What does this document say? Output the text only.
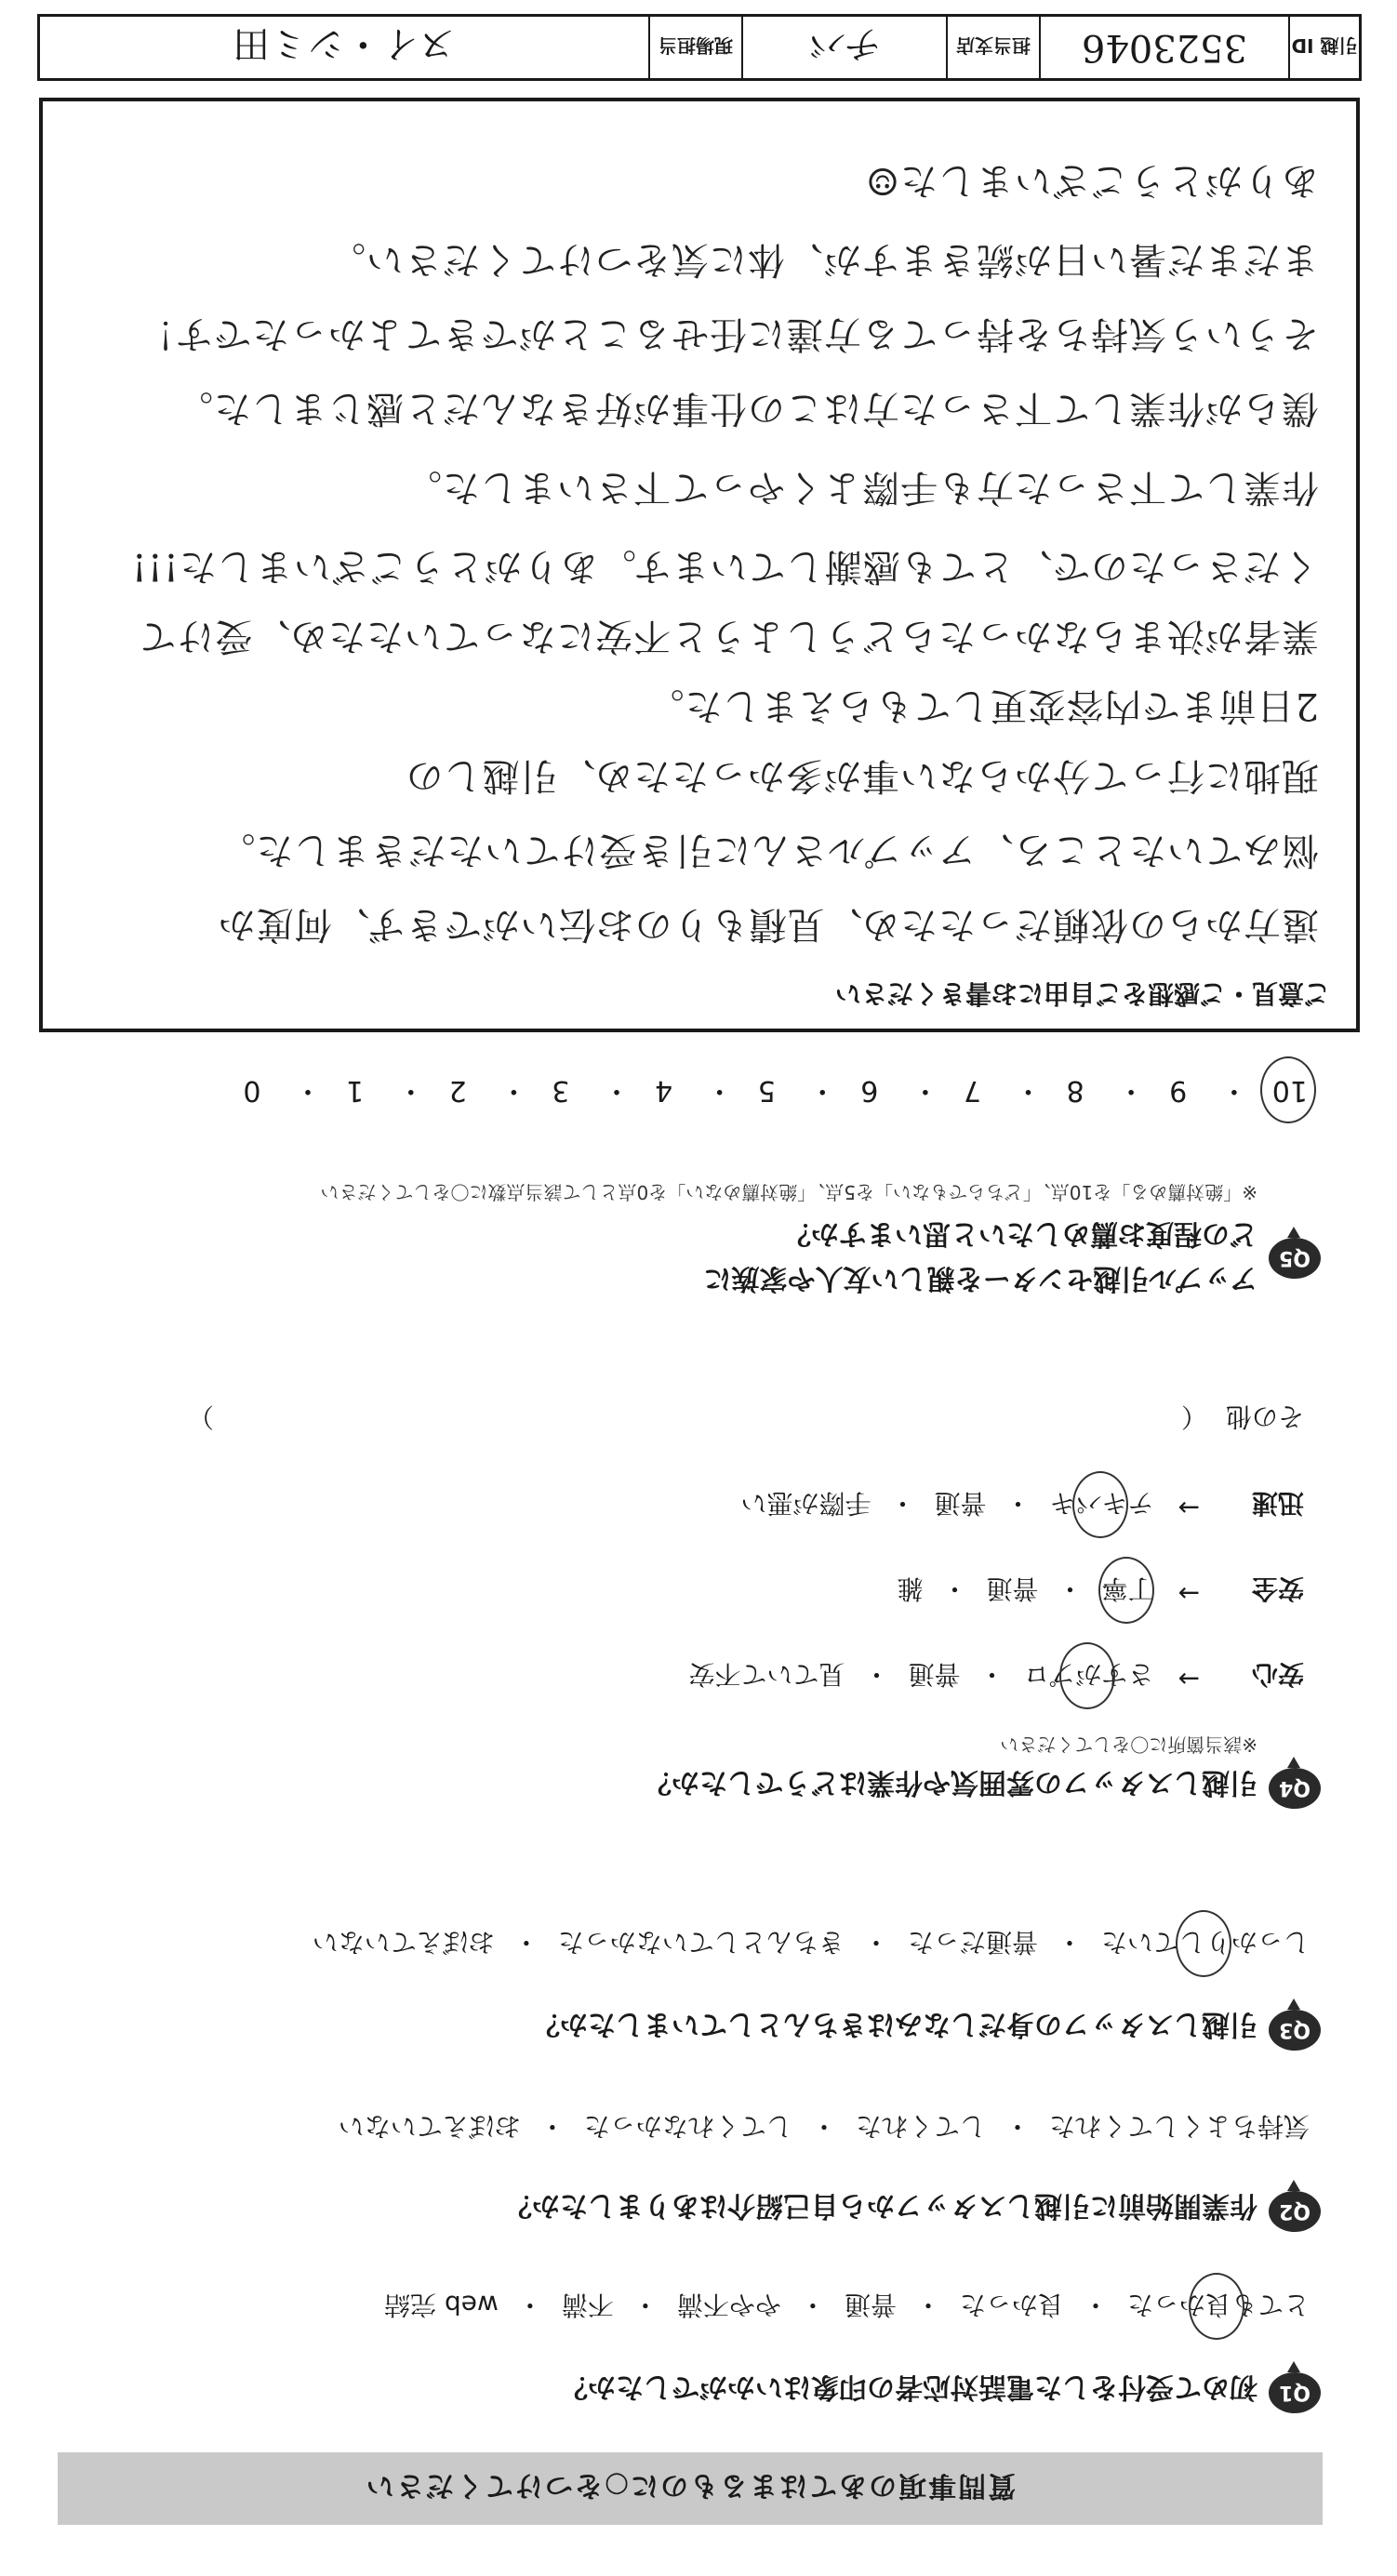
質問事項のあてはまるものに○をつけてください
Q1
初めて受付をした電話対応者の印象はいかがでしたか？
とても良かった
・
良かった
・
普通
・
やや不満
・
不満
・
web 完結
Q2
作業開始前に引越しスタッフから自己紹介はありましたか？
気持ちよくしてくれた
・
してくれた
・
してくれなかった
・
おぼえていない
Q3
引越しスタッフの身だしなみはきちんとしていましたか？
しっかりしていた
・
普通だった
・
きちんとしていなかった
・
おぼえていない
Q4
引越しスタッフの雰囲気や作業はどうでしたか？
※該当箇所に〇をしてください
安心
→
さすがプロ
・
普通
・
見ていて不安
安全
→
丁寧
・
普通
・
雑
迅速
→
テキパキ
・
普通
・
手際が悪い
その他
（
）
Q5
アップル引越センターを親しい友人や家族に
どの程度お薦めしたいと思いますか？
※「絶対薦める」を10点、「どちらでもない」を5点、「絶対薦めない」を0点として該当点数に〇をしてください
10・ 9・ 8・ 7・ 6・ 5・ 4・ 3・ 2・ 1・ 0
ご意見・ご感想をご自由にお書きください
遠方からの依頼だったため、見積もりのお伝いができず、何度か
悩みていたところ、アップルさんに引き受けていただきました。
現地に行って分からない事が多かったため、引越しの
2日前まで内容変更してもらえました。
業者が決まらなかったらどうしようと不安になっていたため、受けて
くださったので、とても感謝しています。ありがとうございました!!!
作業して下さった方も手際よくやって下さいました。
僕らが作業して下さった方はこの仕事が好きなんだと感じました。
そういう気持ちを持ってる方達に任せることができてよかったです！
まだまだ暑い日が続きますが、体に気をつけてください。
ありがとうございました☺
引越 ID
3523046
担当支店
チバ
現場担当
ヌイ・シミ田
